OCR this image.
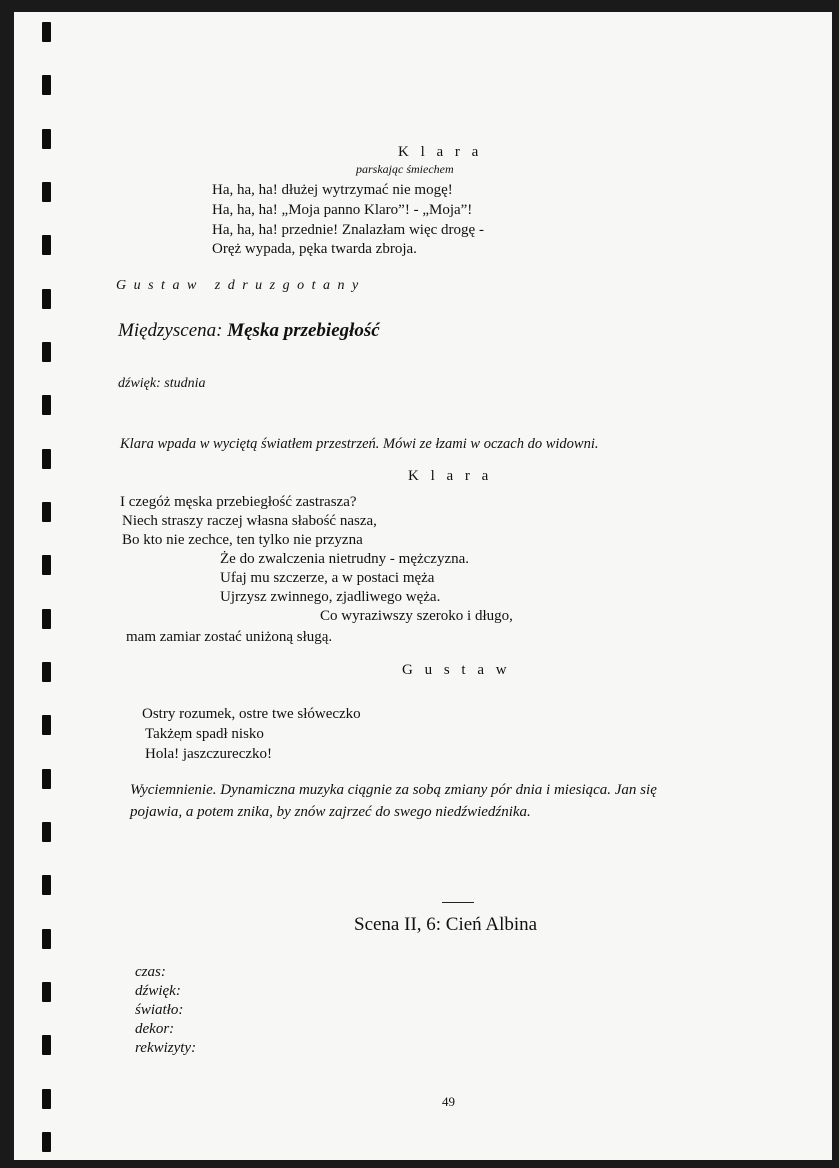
K l a r a
parskając śmiechem
Ha, ha, ha! dłużej wytrzymać nie mogę!
Ha, ha, ha! „Moja panno Klaro”! - „Moja”!
Ha, ha, ha! przednie! Znalazłam więc drogę -
Oręż wypada, pęka twarda zbroja.
G u s t a w   z d r u z g o t a n y
Międzyscena: Męska przebiegłość
dźwięk: studnia
Klara wpada w wyciętą światłem przestrzeń. Mówi ze łzami w oczach do widowni.
K l a r a
I czegóż męska przebiegłość zastrasza?
Niech straszy raczej własna słabość nasza,
Bo kto nie zechce, ten tylko nie przyzna
Że do zwalczenia nietrudny - mężczyzna.
Ufaj mu szczerze, a w postaci męża
Ujrzysz zwinnego, zjadliwego węża.
Co wyraziwszy szeroko i długo,
mam zamiar zostać uniżoną sługą.
G u s t a w
Ostry rozumek, ostre twe słóweczko
Także̜m spadł nisko
Hola! jaszczureczko!
Wyciemnienie. Dynamiczna muzyka ciągnie za sobą zmiany pór dnia i miesiąca. Jan się
pojawia, a potem znika, by znów zajrzeć do swego niedźwiedźnika.
Scena II, 6: Cień Albina
czas:
dźwięk:
światło:
dekor:
rekwizyty:
49
